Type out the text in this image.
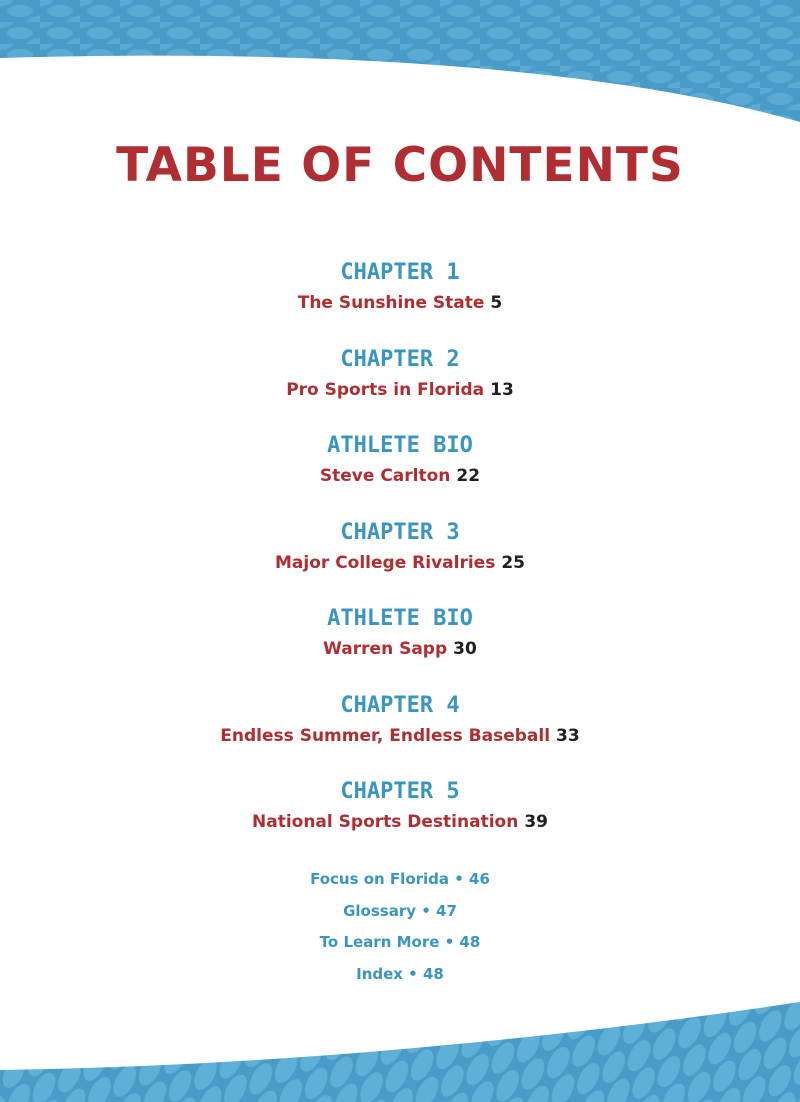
TABLE OF CONTENTS
CHAPTER 1
The Sunshine State 5
CHAPTER 2
Pro Sports in Florida 13
ATHLETE BIO
Steve Carlton 22
CHAPTER 3
Major College Rivalries 25
ATHLETE BIO
Warren Sapp 30
CHAPTER 4
Endless Summer, Endless Baseball 33
CHAPTER 5
National Sports Destination 39
Focus on Florida • 46
Glossary • 47
To Learn More • 48
Index • 48
